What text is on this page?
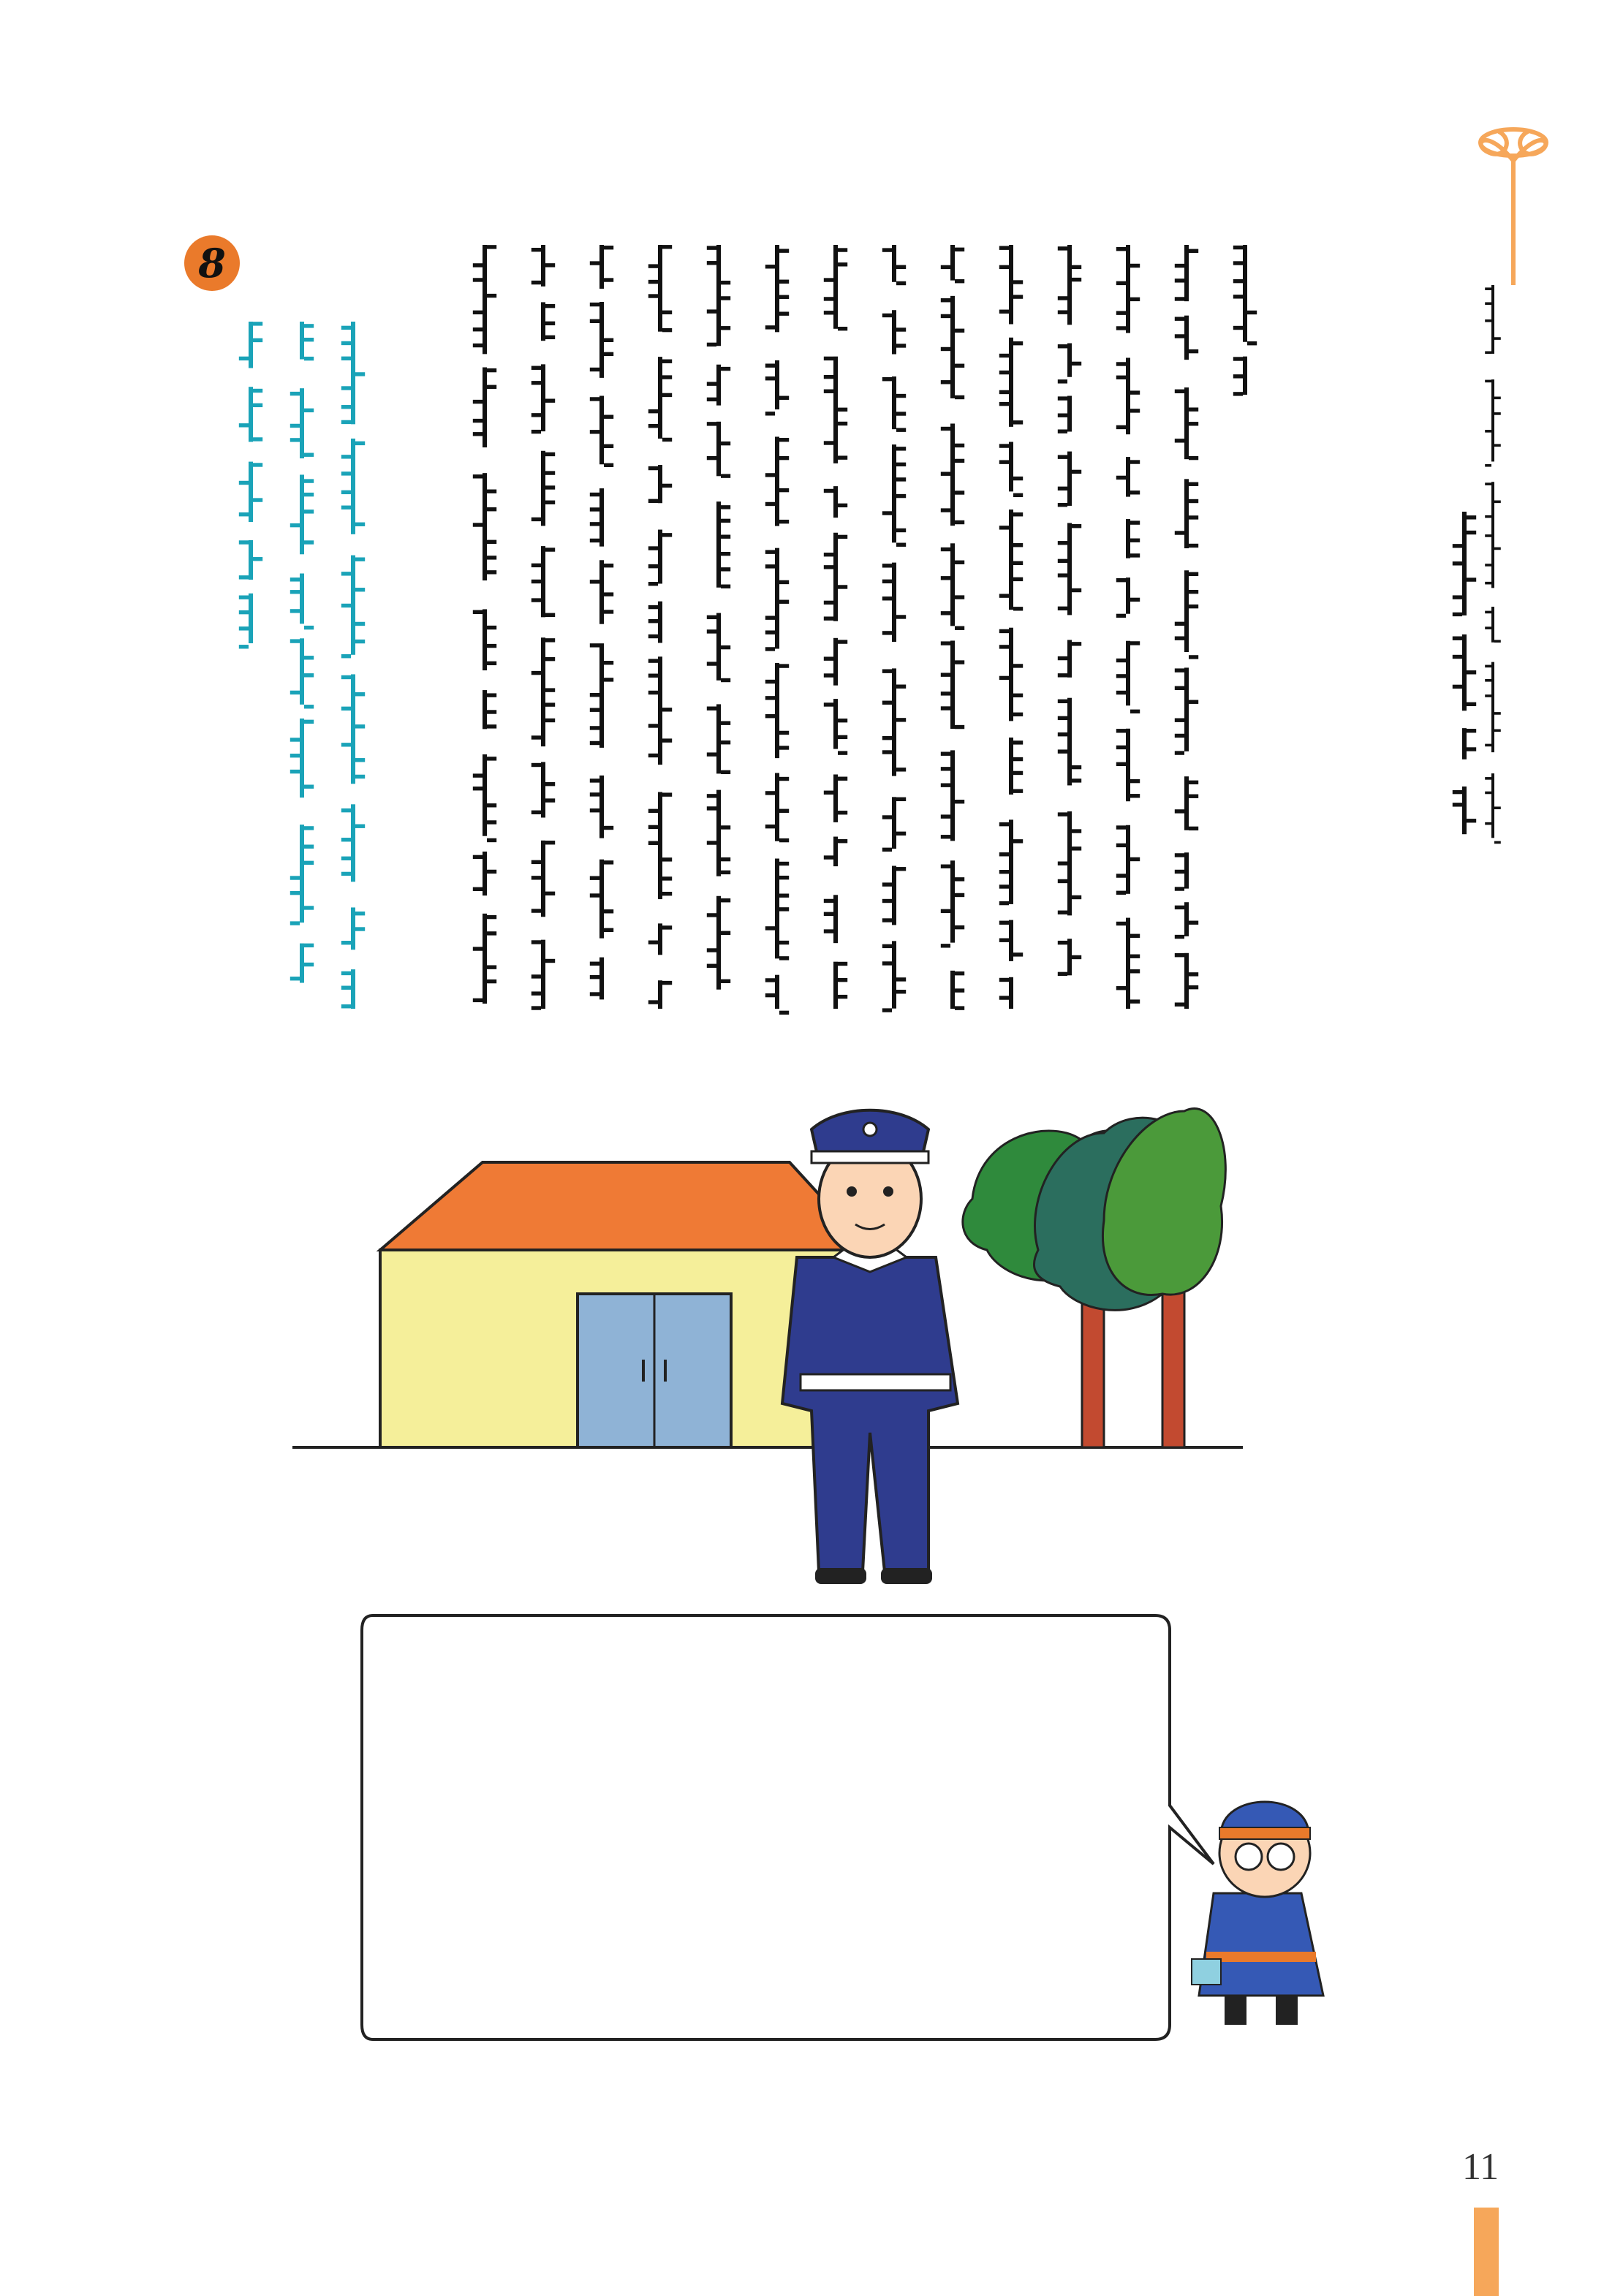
8
11
